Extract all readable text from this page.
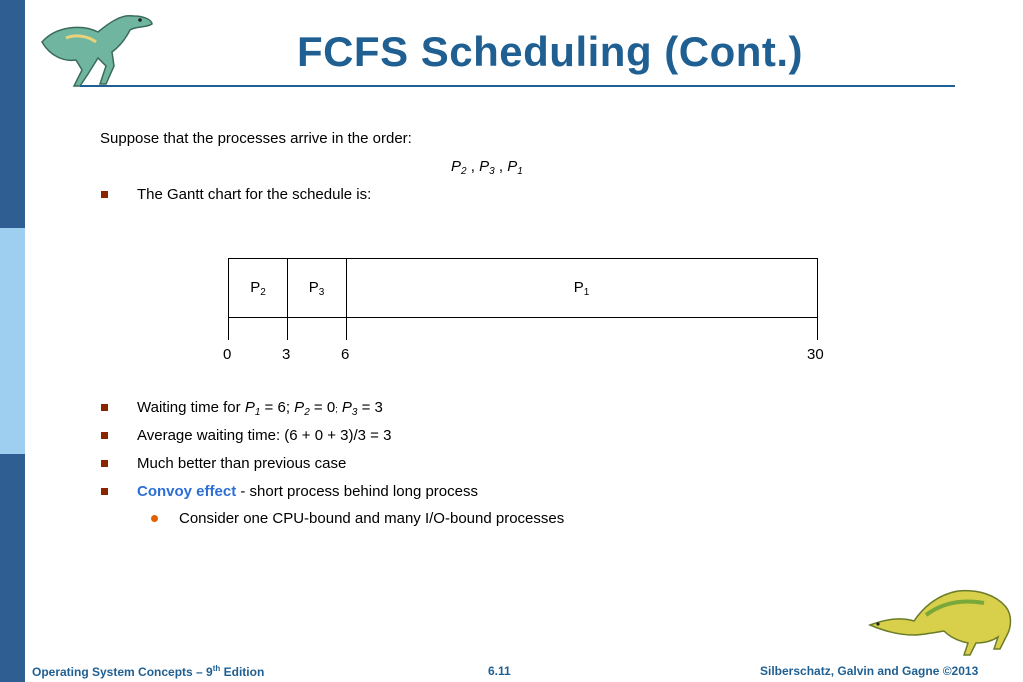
FCFS Scheduling (Cont.)
Suppose that the processes arrive in the order:
$P_2$ , $P_3$ , $P_1$
The Gantt chart for the schedule is:
$P_2$	$P_3$	$P_1$
0	3	6	30
Waiting time for $P_1 = 6$; $P_2 = 0$; $P_3 = 3$
Average waiting time: (6 + 0 + 3)/3 = 3
Much better than previous case
Convoy effect - short process behind long process
Consider one CPU-bound and many I/O-bound processes
Operating System Concepts – 9th Edition	6.11	Silberschatz, Galvin and Gagne ©2013
